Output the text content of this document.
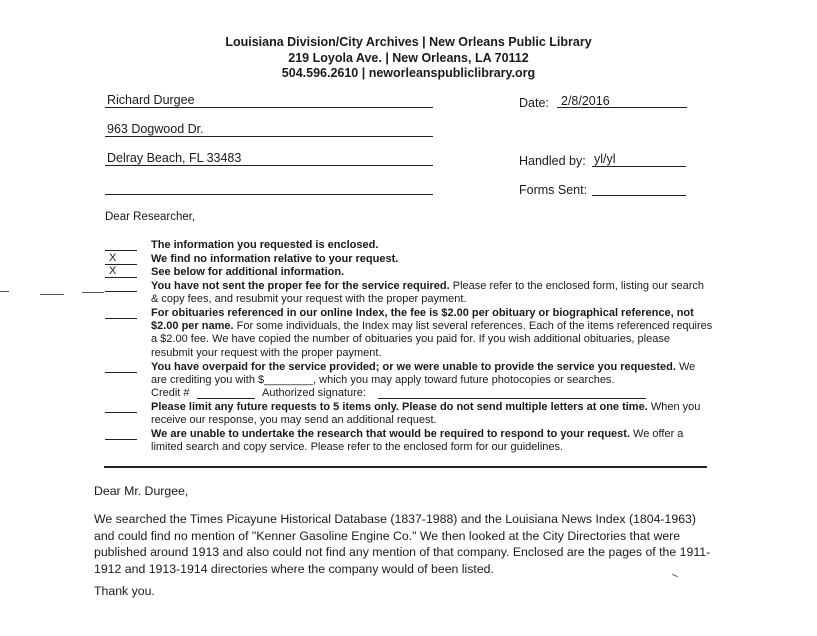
Louisiana Division/City Archives | New Orleans Public Library
219 Loyola Ave. | New Orleans, LA 70112
504.596.2610 | neworleanspubliclibrary.org
Richard Durgee
963 Dogwood Dr.
Delray Beach, FL 33483
Date: 2/8/2016
Handled by: yl/yl
Forms Sent:
Dear Researcher,
The information you requested is enclosed.
X	We find no information relative to your request.
X	See below for additional information.
You have not sent the proper fee for the service required. Please refer to the enclosed form, listing our search & copy fees, and resubmit your request with the proper payment.
For obituaries referenced in our online Index, the fee is $2.00 per obituary or biographical reference, not $2.00 per name. For some individuals, the Index may list several references. Each of the items referenced requires a $2.00 fee. We have copied the number of obituaries you paid for. If you wish additional obituaries, please resubmit your request with the proper payment.
You have overpaid for the service provided; or we were unable to provide the service you requested. We are crediting you with $________, which you may apply toward future photocopies or searches.
Credit #	Authorized signature:
Please limit any future requests to 5 items only. Please do not send multiple letters at one time. When you receive our response, you may send an additional request.
We are unable to undertake the research that would be required to respond to your request. We offer a limited search and copy service. Please refer to the enclosed form for our guidelines.
Dear Mr. Durgee,
We searched the Times Picayune Historical Database (1837-1988) and the Louisiana News Index (1804-1963) and could find no mention of "Kenner Gasoline Engine Co." We then looked at the City Directories that were published around 1913 and also could not find any mention of that company. Enclosed are the pages of the 1911-1912 and 1913-1914 directories where the company would of been listed.
Thank you.
